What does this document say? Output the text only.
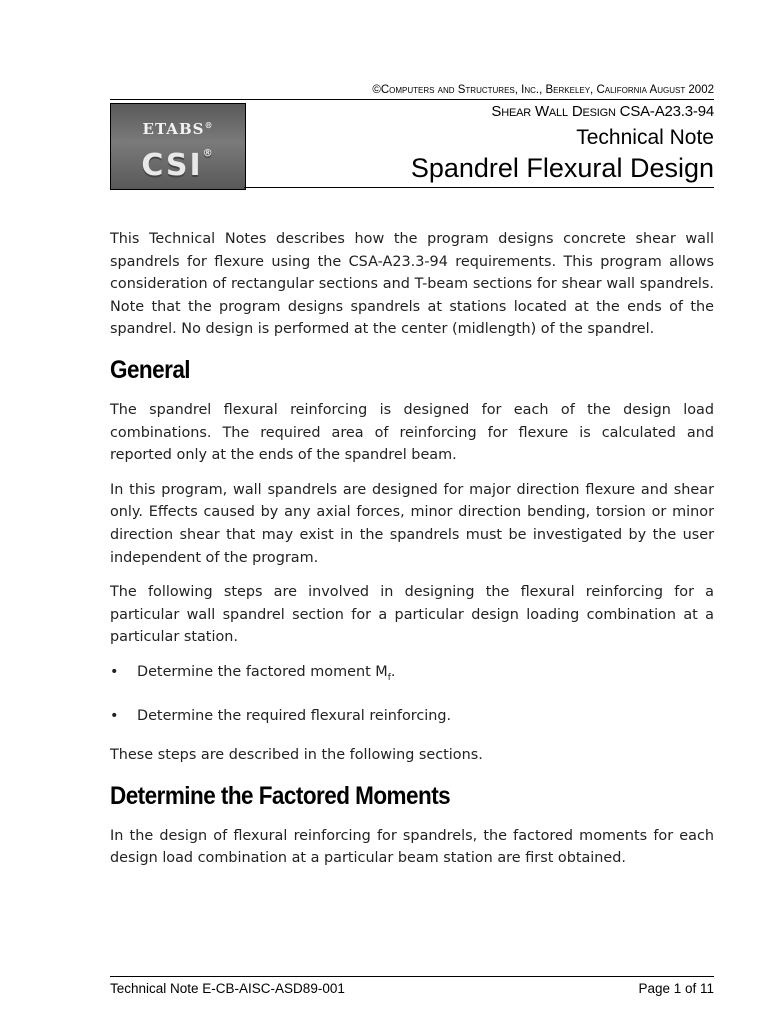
©Computers and Structures, Inc., Berkeley, California August 2002
ETABS®
CSI®
Shear Wall Design CSA-A23.3-94
Technical Note
Spandrel Flexural Design

This Technical Notes describes how the program designs concrete shear wall spandrels for flexure using the CSA-A23.3-94 requirements. This program allows consideration of rectangular sections and T-beam sections for shear wall spandrels. Note that the program designs spandrels at stations located at the ends of the spandrel. No design is performed at the center (midlength) of the spandrel.

General

The spandrel flexural reinforcing is designed for each of the design load combinations. The required area of reinforcing for flexure is calculated and reported only at the ends of the spandrel beam.

In this program, wall spandrels are designed for major direction flexure and shear only. Effects caused by any axial forces, minor direction bending, torsion or minor direction shear that may exist in the spandrels must be investigated by the user independent of the program.

The following steps are involved in designing the flexural reinforcing for a particular wall spandrel section for a particular design loading combination at a particular station.

• Determine the factored moment $M_f$.
• Determine the required flexural reinforcing.

These steps are described in the following sections.

Determine the Factored Moments

In the design of flexural reinforcing for spandrels, the factored moments for each design load combination at a particular beam station are first obtained.

Technical Note E-CB-AISC-ASD89-001	Page 1 of 11
